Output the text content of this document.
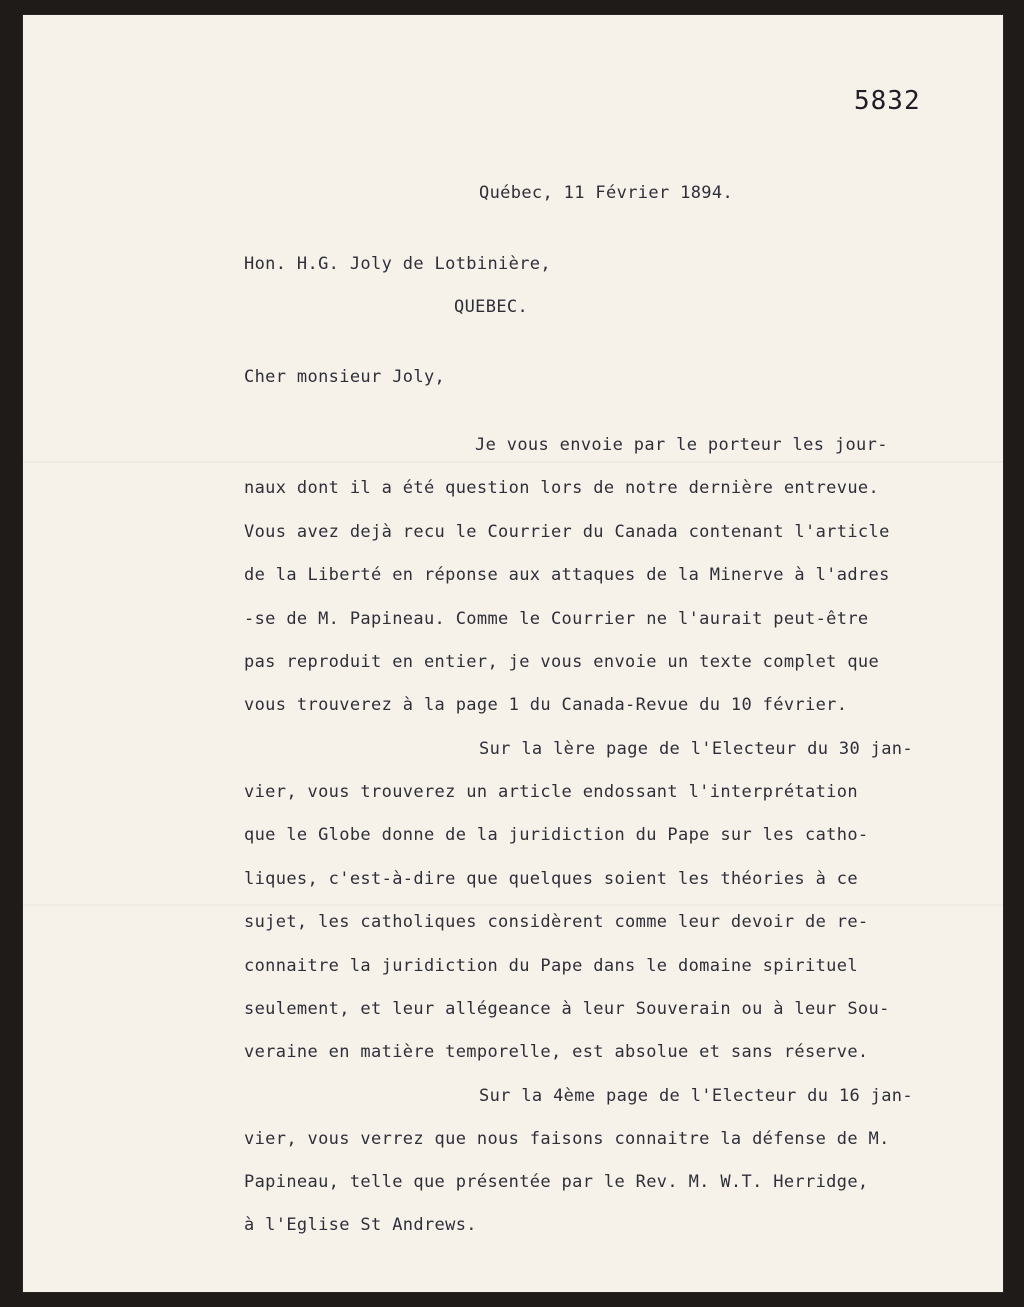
5832
Québec, 11 Février 1894.
Hon. H.G. Joly de Lotbinière,
QUEBEC.
Cher monsieur Joly,
Je vous envoie par le porteur les jour-
naux dont il a été question lors de notre dernière entrevue.
Vous avez dejà recu le Courrier du Canada contenant l'article
de la Liberté en réponse aux attaques de la Minerve à l'adres
-se de M. Papineau. Comme le Courrier ne l'aurait peut-être
pas reproduit en entier, je vous envoie un texte complet que
vous trouverez à la page 1 du Canada-Revue du 10 février.
Sur la lère page de l'Electeur du 30 jan-
vier, vous trouverez un article endossant l'interprétation
que le Globe donne de la juridiction du Pape sur les catho-
liques, c'est-à-dire que quelques soient les théories à ce
sujet, les catholiques considèrent comme leur devoir de re-
connaitre la juridiction du Pape dans le domaine spirituel
seulement, et leur allégeance à leur Souverain ou à leur Sou-
veraine en matière temporelle, est absolue et sans réserve.
Sur la 4ème page de l'Electeur du 16 jan-
vier, vous verrez que nous faisons connaitre la défense de M.
Papineau, telle que présentée par le Rev. M. W.T. Herridge,
à l'Eglise St Andrews.
